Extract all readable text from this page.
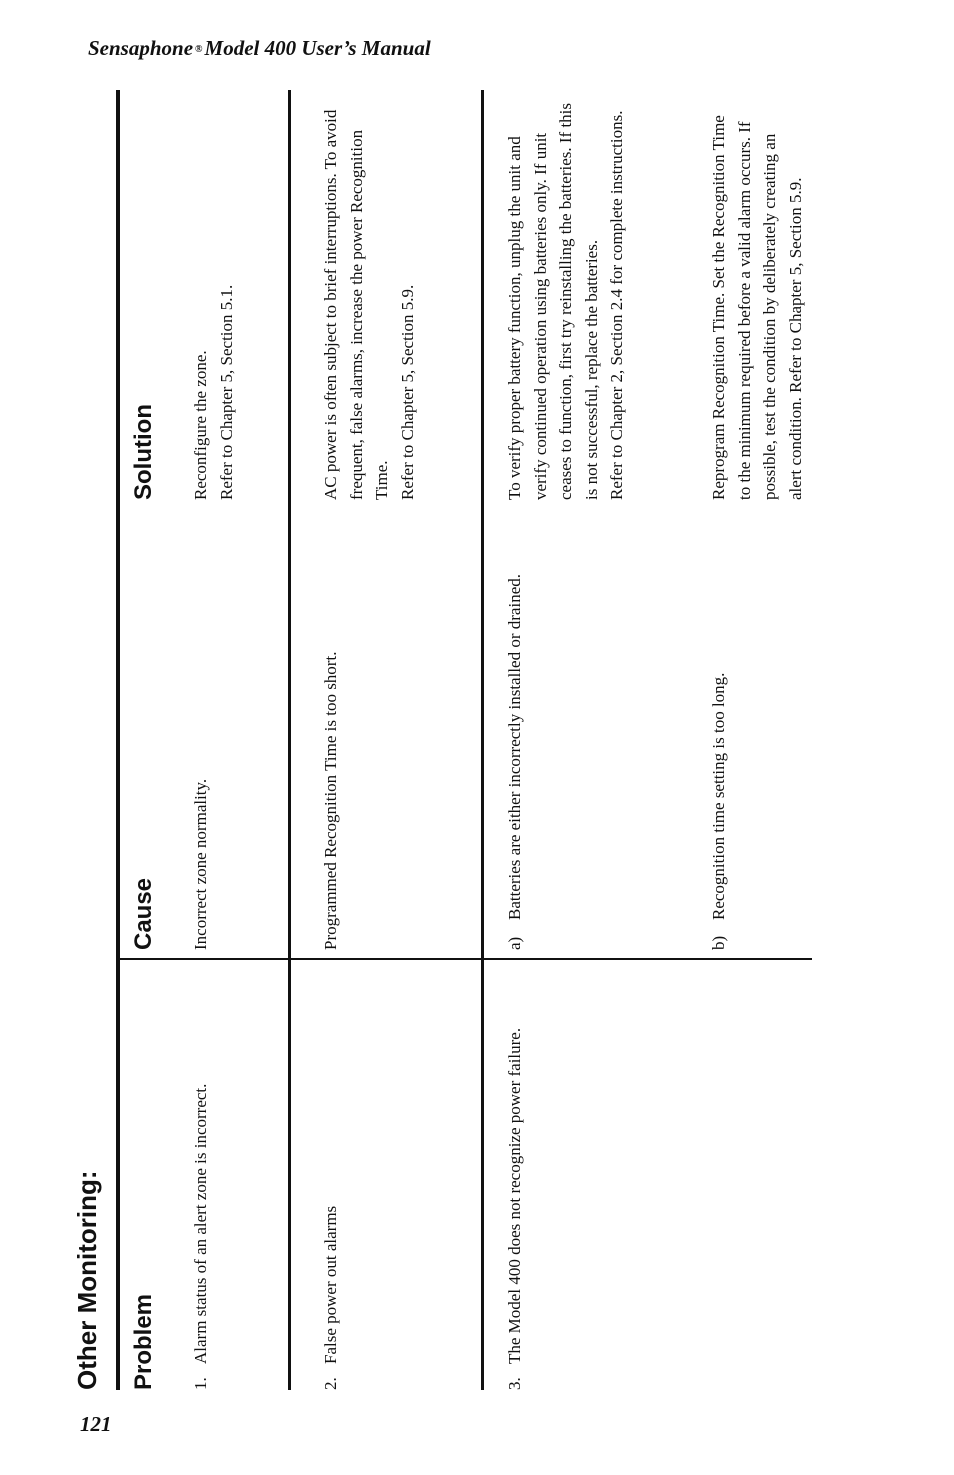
Sensaphone ®Model 400 User’s Manual
121
Other Monitoring: Problem
Cause
Solution
1.
Alarm status of an alert zone is incorrect.
Incorrect zone normality.
Reconfigure the zone. Refer to Chapter 5, Section 5.1.
2.
False power out alarms
Programmed Recognition Time is too short.
AC power is often subject to brief interruptions. To avoid frequent, false alarms, increase the power Recognition Time. Refer to Chapter 5, Section 5.9.
3.
The Model 400 does not recognize power failure.
a)
Batteries are either incorrectly installed or drained.
To verify proper battery function, unplug the unit and verify continued operation using batteries only. If unit ceases to function, first try reinstalling the batteries. If this is not successful, replace the batteries. Refer to Chapter 2, Section 2.4 for complete instructions.
b)
Recognition time setting is too long.
Reprogram Recognition Time. Set the Recognition Time to the minimum required before a valid alarm occurs. If possible, test the condition by deliberately creating an alert condition. Refer to Chapter 5, Section 5.9.
